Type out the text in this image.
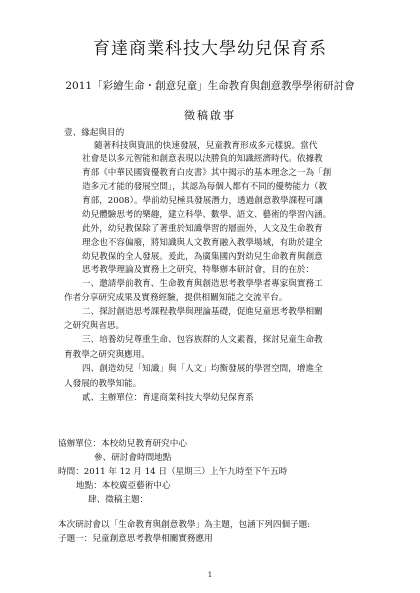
育達商業科技大學幼兒保育系
2011「彩繪生命・創意兒童」生命教育與創意教學學術研討會
徵稿啟事
壹、緣起與目的
隨著科技與資訊的快速發展，兒童教育形成多元樣貌。當代
社會是以多元智能和創意表現以決勝負的知識經濟時代。依據教
育部《中華民國資優教育白皮書》其中揭示的基本理念之一為「創
造多元才能的發展空間」，其認為每個人都有不同的優勢能力（教
育部，2008）。學前幼兒極具發展潛力，透過創意教學課程可讓
幼兒體驗思考的樂趣，建立科學、數學、語文、藝術的學習內涵。
此外，幼兒教保除了著重於知識學習的層面外，人文及生命教育
理念也不容偏廢，將知識與人文教育融入教學場域，有助於建全
幼兒教保的全人發展。爰此，為廣集國內對幼兒生命教育與創意
思考教學理論及實務上之研究，特舉辦本研討會，目的在於：
一、邀請學前教育、生命教育與創造思考教學學者專家與實務工
作者分享研究成果及實務經驗，提供相關知能之交流平台。
二、探討創造思考課程教學與理論基礎，促進兒童思考教學相關
之研究與省思。
三、培養幼兒尊重生命、包容族群的人文素養，探討兒童生命教
育教學之研究與應用。
四、創造幼兒「知識」與「人文」均衡發展的學習空間，增進全
人發展的教學知能。
貳、主辦單位：育達商業科技大學幼兒保育系
協辦單位：本校幼兒教育研究中心
參、研討會時間地點
時間：2011 年 12 月 14 日（星期三）上午九時至下午五時
地點：本校廣亞藝術中心
肆、徵稿主題：
本次研討會以「生命教育與創意教學」為主題，包涵下列四個子題:
子題一：兒童創意思考教學相關實務應用
1
